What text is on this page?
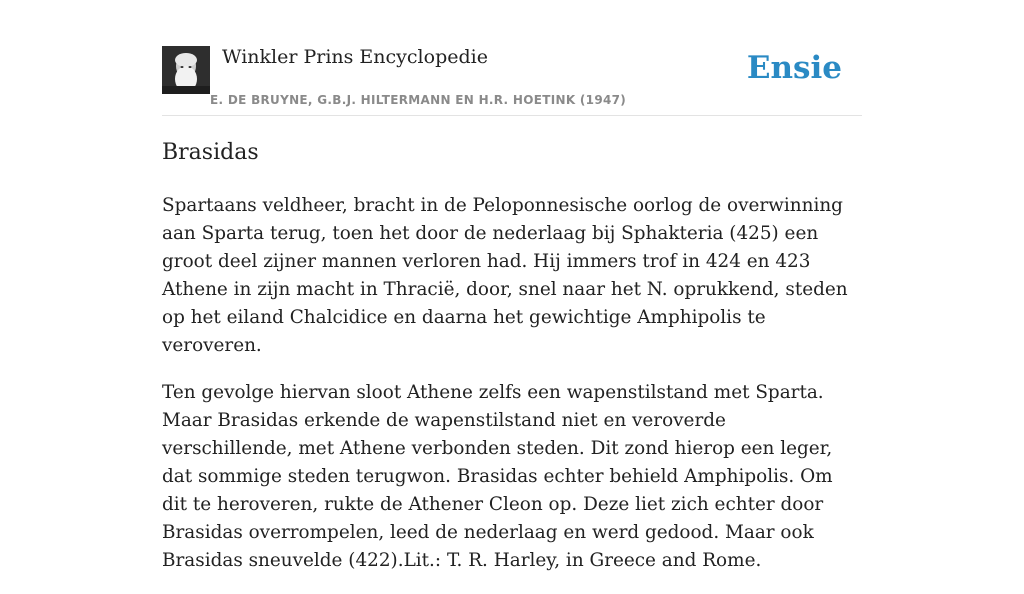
Winkler Prins Encyclopedie
E. DE BRUYNE, G.B.J. HILTERMANN EN H.R. HOETINK (1947)
Ensie
Brasidas

Spartaans veldheer, bracht in de Peloponnesische oorlog de overwinning aan Sparta terug, toen het door de nederlaag bij Sphakteria (425) een groot deel zijner mannen verloren had. Hij immers trof in 424 en 423 Athene in zijn macht in Thracië, door, snel naar het N. oprukkend, steden op het eiland Chalcidice en daarna het gewichtige Amphipolis te veroveren.

Ten gevolge hiervan sloot Athene zelfs een wapenstilstand met Sparta. Maar Brasidas erkende de wapenstilstand niet en veroverde verschillende, met Athene verbonden steden. Dit zond hierop een leger, dat sommige steden terugwon. Brasidas echter behield Amphipolis. Om dit te heroveren, rukte de Athener Cleon op. Deze liet zich echter door Brasidas overrompelen, leed de nederlaag en werd gedood. Maar ook Brasidas sneuvelde (422).Lit.: T. R. Harley, in Greece and Rome.
